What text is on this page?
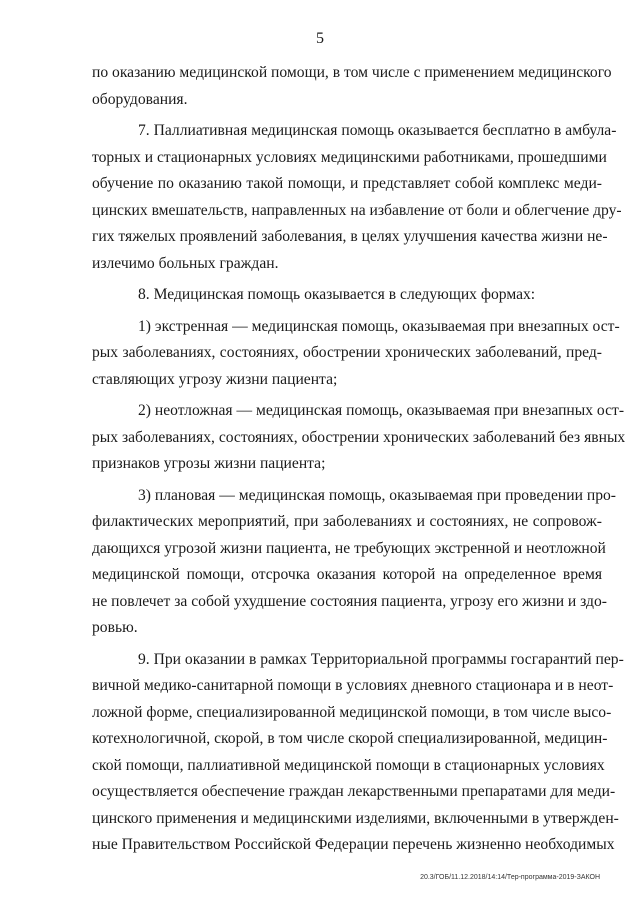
5
по оказанию медицинской помощи, в том числе с применением медицинского
оборудования.
7. Паллиативная медицинская помощь оказывается бесплатно в амбула-
торных и стационарных условиях медицинскими работниками, прошедшими
обучение по оказанию такой помощи, и представляет собой комплекс меди-
цинских вмешательств, направленных на избавление от боли и облегчение дру-
гих тяжелых проявлений заболевания, в целях улучшения качества жизни не-
излечимо больных граждан.
8. Медицинская помощь оказывается в следующих формах:
1) экстренная — медицинская помощь, оказываемая при внезапных ост-
рых заболеваниях, состояниях, обострении хронических заболеваний, пред-
ставляющих угрозу жизни пациента;
2) неотложная — медицинская помощь, оказываемая при внезапных ост-
рых заболеваниях, состояниях, обострении хронических заболеваний без явных
признаков угрозы жизни пациента;
3) плановая — медицинская помощь, оказываемая при проведении про-
филактических мероприятий, при заболеваниях и состояниях, не сопровож-
дающихся угрозой жизни пациента, не требующих экстренной и неотложной
медицинской помощи, отсрочка оказания которой на определенное время
не повлечет за собой ухудшение состояния пациента, угрозу его жизни и здо-
ровью.
9. При оказании в рамках Территориальной программы госгарантий пер-
вичной медико-санитарной помощи в условиях дневного стационара и в неот-
ложной форме, специализированной медицинской помощи, в том числе высо-
котехнологичной, скорой, в том числе скорой специализированной, медицин-
ской помощи, паллиативной медицинской помощи в стационарных условиях
осуществляется обеспечение граждан лекарственными препаратами для меди-
цинского применения и медицинскими изделиями, включенными в утвержден-
ные Правительством Российской Федерации перечень жизненно необходимых
20.3/ГОБ/11.12.2018/14:14/Тер-программа-2019-ЗАКОН
